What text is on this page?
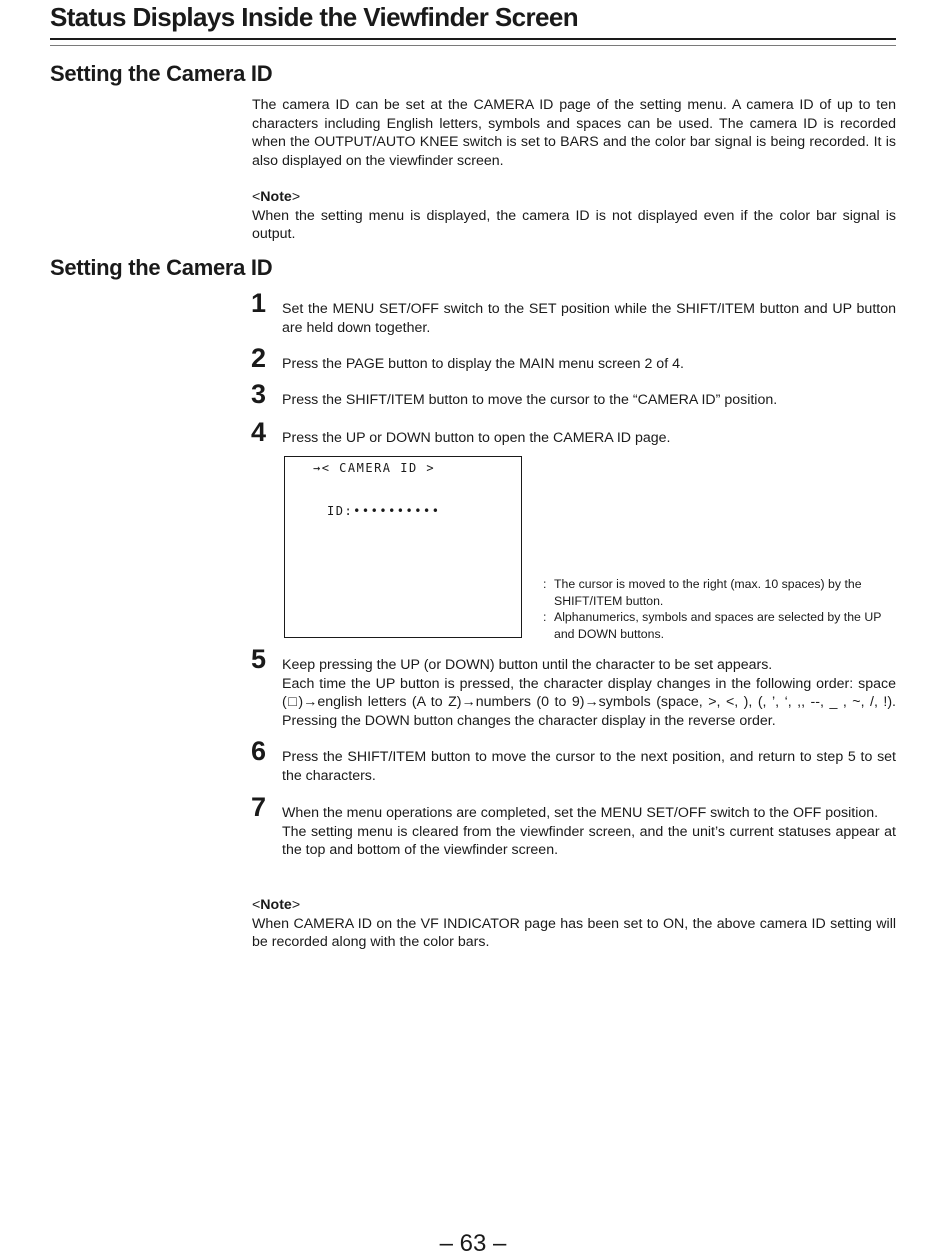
Status Displays Inside the Viewfinder Screen
Setting the Camera ID

The camera ID can be set at the CAMERA ID page of the setting menu. A camera ID of up to ten characters including English letters, symbols and spaces can be used. The camera ID is recorded when the OUTPUT/AUTO KNEE switch is set to BARS and the color bar signal is being recorded. It is also displayed on the viewfinder screen.

<Note>

When the setting menu is displayed, the camera ID is not displayed even if the color bar signal is output.

Setting the Camera ID
1 Set the MENU SET/OFF switch to the SET position while the SHIFT/ITEM button and UP button are held down together.

2 Press the PAGE button to display the MAIN menu screen 2 of 4.

3 Press the SHIFT/ITEM button to move the cursor to the “CAMERA ID” position.

4 Press the UP or DOWN button to open the CAMERA ID page.

→< CAMERA ID >
ID:••••••••••
: The cursor is moved to the right (max. 10 spaces) by the SHIFT/ITEM button.
: Alphanumerics, symbols and spaces are selected by the UP and DOWN buttons.
5 Keep pressing the UP (or DOWN) button until the character to be set appears.

Each time the UP button is pressed, the character display changes in the following order: space (□)→english letters (A to Z)→numbers (0 to 9)→symbols (space, >, <, ), (, ’, ‘, ,, --, _ , ~, /, !). Pressing the DOWN button changes the character display in the reverse order.

6 Press the SHIFT/ITEM button to move the cursor to the next position, and return to step 5 to set the characters.

7 When the menu operations are completed, set the MENU SET/OFF switch to the OFF position.

The setting menu is cleared from the viewfinder screen, and the unit’s current statuses appear at the top and bottom of the viewfinder screen.

<Note>

When CAMERA ID on the VF INDICATOR page has been set to ON, the above camera ID setting will be recorded along with the color bars.

– 63 –
